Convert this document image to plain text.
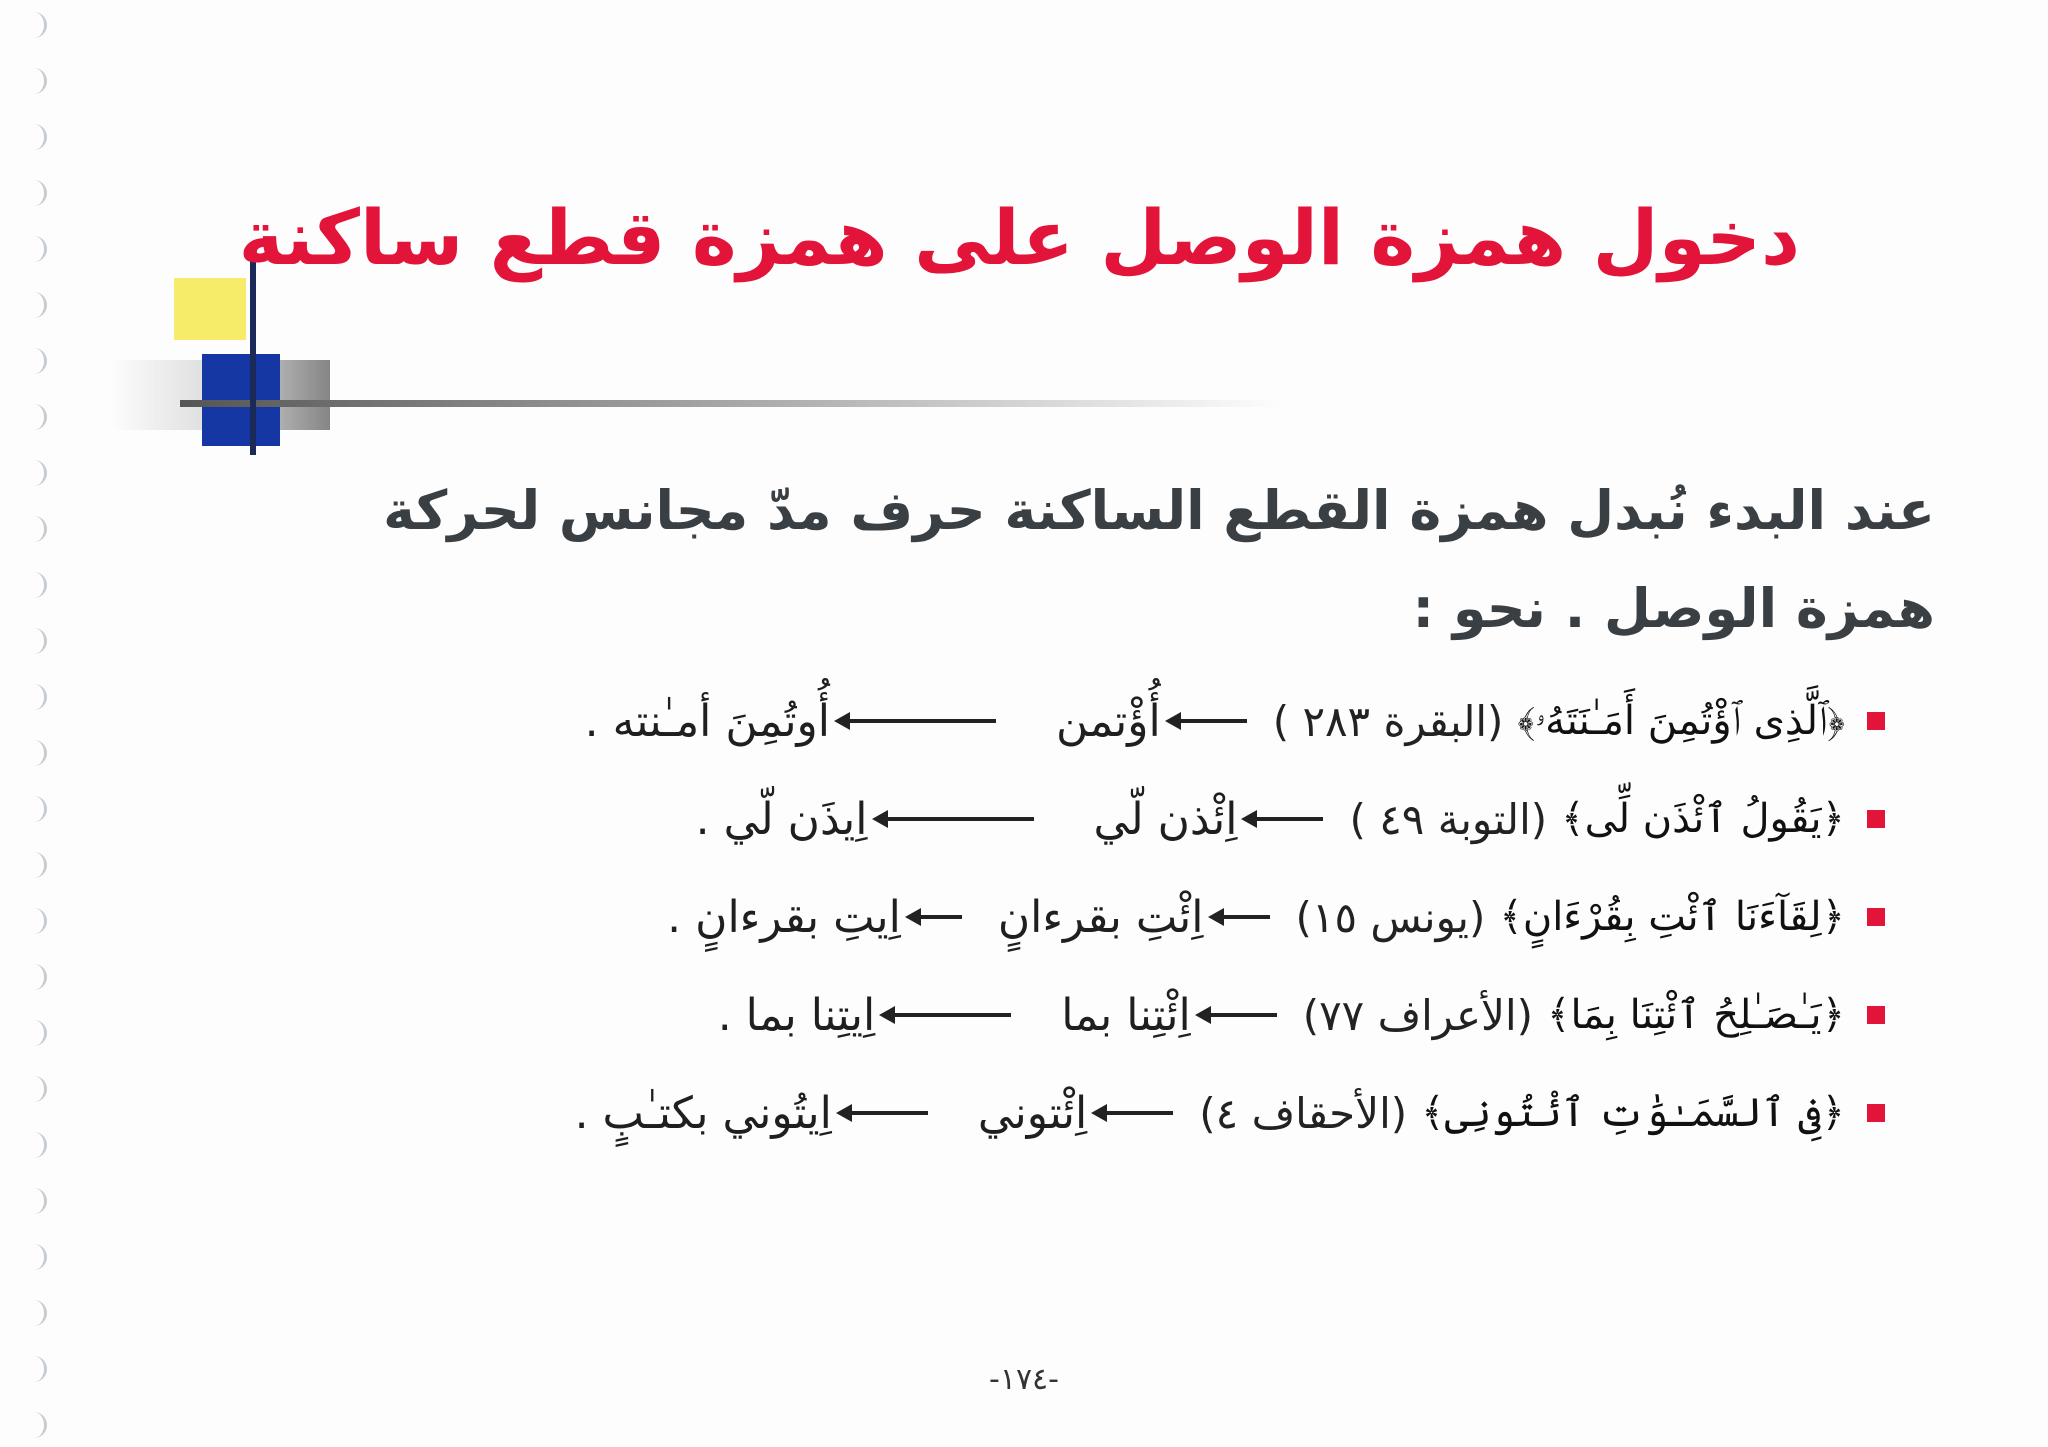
دخول همزة الوصل على همزة قطع ساكنة
عند البدء نُبدل همزة القطع الساكنة حرف مدّ مجانس لحركة
همزة الوصل . نحو :
﴿ٱلَّذِى ٱؤْتُمِنَ أَمَـٰنَتَهُۥ﴾
(البقرة ٢٨٣ )
أُؤْتمن
أُوتُمِنَ أمـٰنته .
﴿يَقُولُ ٱئْذَن لِّى﴾
(التوبة ٤٩ )
اِئْذن لّي
اِيذَن لّي .
﴿لِقَآءَنَا ٱئْتِ بِقُرْءَانٍ﴾
(يونس ١٥)
اِئْتِ بقرءانٍ
اِيتِ بقرءانٍ .
﴿يَـٰصَـٰلِحُ ٱئْتِنَا بِمَا﴾
(الأعراف ٧٧)
اِئْتِنا بما
اِيتِنا بما .
﴿فِى ٱلسَّمَـٰوَٰتِ ٱئْتُونِى﴾
(الأحقاف ٤)
اِئْتوني
اِيتُوني بكتـٰبٍ .
-١٧٤-
